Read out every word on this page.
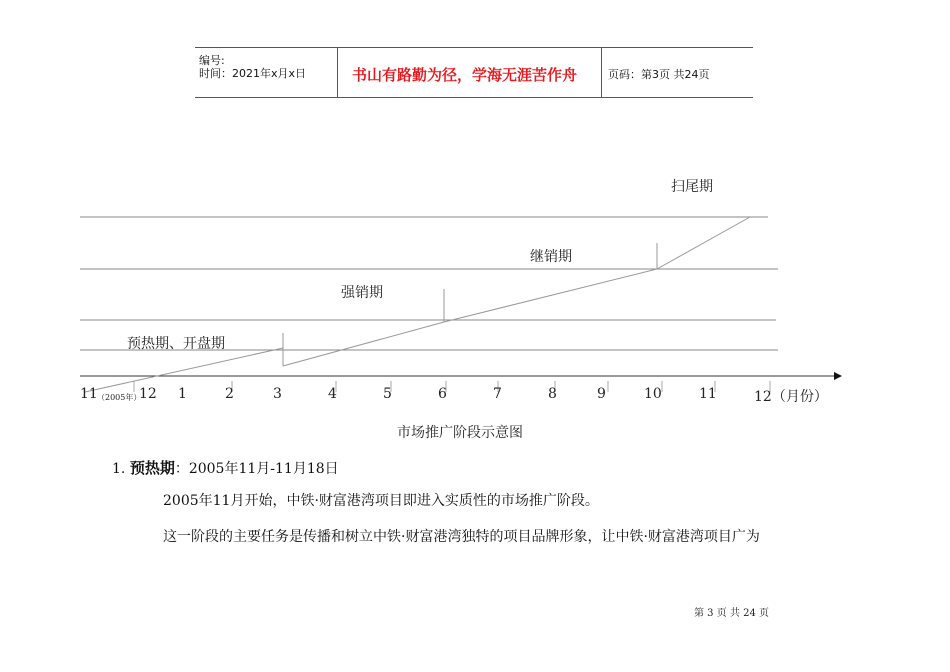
编号:
时间：2021年x月x日	书山有路勤为径，学海无涯苦作舟	页码：第3页 共24页
预热期、开盘期
强销期
继销期
扫尾期
11 （2005年）
12 1	2	3	4	5	6	7	8	9	10	11	12（月份）
市场推广阶段示意图
1. 预热期：2005年11月-11月18日
2005年11月开始，中铁·财富港湾项目即进入实质性的市场推广阶段。
这一阶段的主要任务是传播和树立中铁·财富港湾独特的项目品牌形象，让中铁·财富港湾项目广为
第 3 页 共 24 页
